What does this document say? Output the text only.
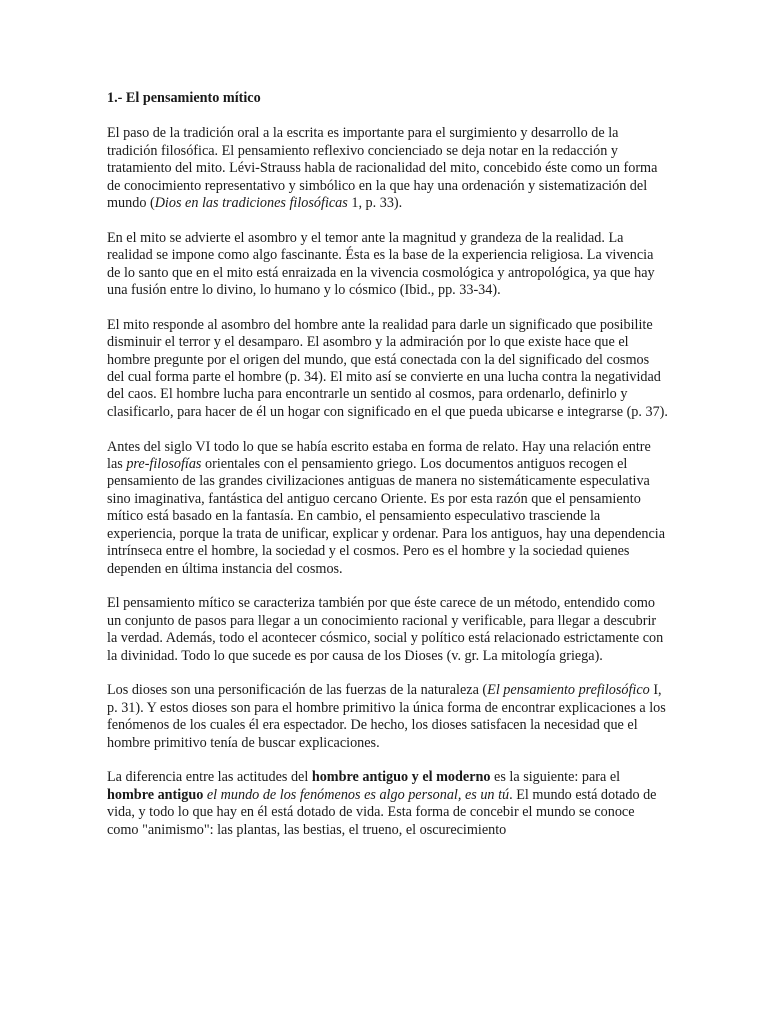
1.- El pensamiento mítico

El paso de la tradición oral a la escrita es importante para el surgimiento y desarrollo de la tradición filosófica. El pensamiento reflexivo concienciado se deja notar en la redacción y tratamiento del mito. Lévi-Strauss habla de racionalidad del mito, concebido éste como un forma de conocimiento representativo y simbólico en la que hay una ordenación y sistematización del mundo (Dios en las tradiciones filosóficas 1, p. 33).

En el mito se advierte el asombro y el temor ante la magnitud y grandeza de la realidad. La realidad se impone como algo fascinante. Ésta es la base de la experiencia religiosa. La vivencia de lo santo que en el mito está enraizada en la vivencia cosmológica y antropológica, ya que hay una fusión entre lo divino, lo humano y lo cósmico (Ibid., pp. 33-34).

El mito responde al asombro del hombre ante la realidad para darle un significado que posibilite disminuir el terror y el desamparo. El asombro y la admiración por lo que existe hace que el hombre pregunte por el origen del mundo, que está conectada con la del significado del cosmos del cual forma parte el hombre (p. 34). El mito así se convierte en una lucha contra la negatividad del caos. El hombre lucha para encontrarle un sentido al cosmos, para ordenarlo, definirlo y clasificarlo, para hacer de él un hogar con significado en el que pueda ubicarse e integrarse (p. 37).

Antes del siglo VI todo lo que se había escrito estaba en forma de relato. Hay una relación entre las pre-filosofías orientales con el pensamiento griego. Los documentos antiguos recogen el pensamiento de las grandes civilizaciones antiguas de manera no sistemáticamente especulativa sino imaginativa, fantástica del antiguo cercano Oriente. Es por esta razón que el pensamiento mítico está basado en la fantasía. En cambio, el pensamiento especulativo trasciende la experiencia, porque la trata de unificar, explicar y ordenar. Para los antiguos, hay una dependencia intrínseca entre el hombre, la sociedad y el cosmos. Pero es el hombre y la sociedad quienes dependen en última instancia del cosmos.

El pensamiento mítico se caracteriza también por que éste carece de un método, entendido como un conjunto de pasos para llegar a un conocimiento racional y verificable, para llegar a descubrir la verdad. Además, todo el acontecer cósmico, social y político está relacionado estrictamente con la divinidad. Todo lo que sucede es por causa de los Dioses (v. gr. La mitología griega).

Los dioses son una personificación de las fuerzas de la naturaleza (El pensamiento prefilosófico I, p. 31). Y estos dioses son para el hombre primitivo la única forma de encontrar explicaciones a los fenómenos de los cuales él era espectador. De hecho, los dioses satisfacen la necesidad que el hombre primitivo tenía de buscar explicaciones.

La diferencia entre las actitudes del hombre antiguo y el moderno es la siguiente: para el hombre antiguo el mundo de los fenómenos es algo personal, es un tú. El mundo está dotado de vida, y todo lo que hay en él está dotado de vida. Esta forma de concebir el mundo se conoce como "animismo": las plantas, las bestias, el trueno, el oscurecimiento
